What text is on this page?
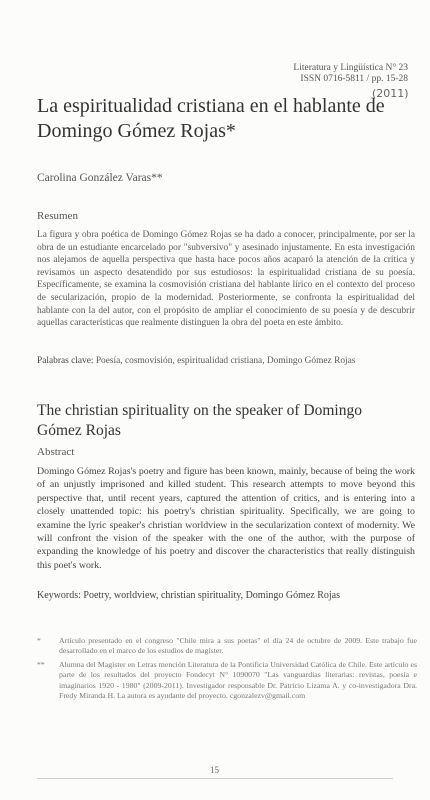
Literatura y Lingüística N° 23
ISSN 0716-5811 / pp. 15-28
La espiritualidad cristiana en el hablante de Domingo Gómez Rojas*
(2011)
Carolina González Varas**
Resumen
La figura y obra poética de Domingo Gómez Rojas se ha dado a conocer, principalmente, por ser la obra de un estudiante encarcelado por "subversivo" y asesinado injustamente. En esta investigación nos alejamos de aquella perspectiva que hasta hace pocos años acaparó la atención de la crítica y revisamos un aspecto desatendido por sus estudiosos: la espiritualidad cristiana de su poesía. Específicamente, se examina la cosmovisión cristiana del hablante lírico en el contexto del proceso de secularización, propio de la modernidad. Posteriormente, se confronta la espiritualidad del hablante con la del autor, con el propósito de ampliar el conocimiento de su poesía y de descubrir aquellas características que realmente distinguen la obra del poeta en este ámbito.
Palabras clave: Poesía, cosmovisión, espiritualidad cristiana, Domingo Gómez Rojas
The christian spirituality on the speaker of Domingo Gómez Rojas
Abstract
Domingo Gómez Rojas's poetry and figure has been known, mainly, because of being the work of an unjustly imprisoned and killed student. This research attempts to move beyond this perspective that, until recent years, captured the attention of critics, and is entering into a closely unattended topic: his poetry's christian spirituality. Specifically, we are going to examine the lyric speaker's christian worldview in the secularization context of modernity. We will confront the vision of the speaker with the one of the author, with the purpose of expanding the knowledge of his poetry and discover the characteristics that really distinguish this poet's work.
Keywords: Poetry, worldview, christian spirituality, Domingo Gómez Rojas
* Artículo presentado en el congreso "Chile mira a sus poetas" el día 24 de octubre de 2009. Este trabajo fue desarrollado en el marco de los estudios de magíster.
** Alumna del Magíster en Letras mención Literatura de la Pontificia Universidad Católica de Chile. Este artículo es parte de los resultados del proyecto Fondecyt N° 1090070 "Las vanguardias literarias: revistas, poesía e imaginarios 1920 - 1980" (2009-2011). Investigador responsable Dr. Patricio Lizama A. y co-investigadora Dra. Fredy Miranda H. La autora es ayudante del proyecto. cgonzalezv@gmail.com
15
